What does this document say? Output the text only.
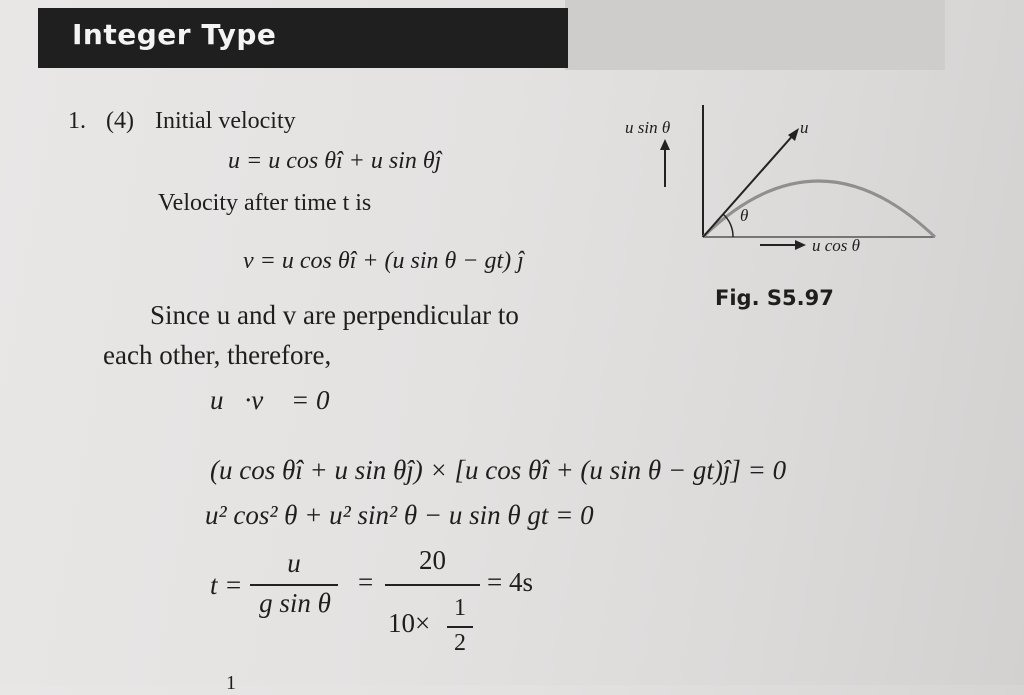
Integer Type
1. (4) Initial velocity
u = u cos θî + u sin θĵ
Velocity after time t is
v = u cos θî + (u sin θ − gt) ĵ
Since u and v are perpendicular to
each other, therefore,
u⃗·v⃗ = 0
(u cos θî + u sin θĵ) × [u cos θî + (u sin θ − gt)ĵ] = 0
u² cos² θ + u² sin² θ − u sin θ gt = 0
t =
u
g sin θ
=
20
10× 1
2
= 4s
1
u sin θ	u
θ
u cos θ
Fig. S5.97
